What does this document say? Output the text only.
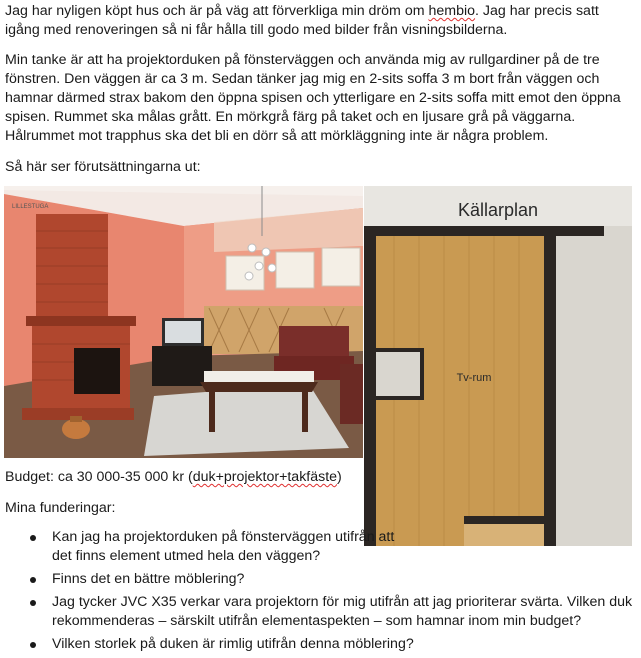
Jag har nyligen köpt hus och är på väg att förverkliga min dröm om hembio. Jag har precis satt igång med renoveringen så ni får hålla till godo med bilder från visningsbilderna.

Min tanke är att ha projektorduken på fönsterväggen och använda mig av rullgardiner på de tre fönstren. Den väggen är ca 3 m. Sedan tänker jag mig en 2-sits soffa 3 m bort från väggen och hamnar därmed strax bakom den öppna spisen och ytterligare en 2-sits soffa mitt emot den öppna spisen. Rummet ska målas grått. En mörkgrå färg på taket och en ljusare grå på väggarna. Hålrummet mot trapphus ska det bli en dörr så att mörkläggning inte är några problem.

Så här ser förutsättningarna ut:

LILLESTUGA	Källarplan
Tv-rum

Budget: ca 30 000-35 000 kr (duk+projektor+takfäste)

Mina funderingar:

Kan jag ha projektorduken på fönsterväggen utifrån att det finns element utmed hela den väggen?
Finns det en bättre möblering?
Jag tycker JVC X35 verkar vara projektorn för mig utifrån att jag prioriterar svärta. Vilken duk rekommenderas – särskilt utifrån elementaspekten – som hamnar inom min budget?
Vilken storlek på duken är rimlig utifrån denna möblering?
